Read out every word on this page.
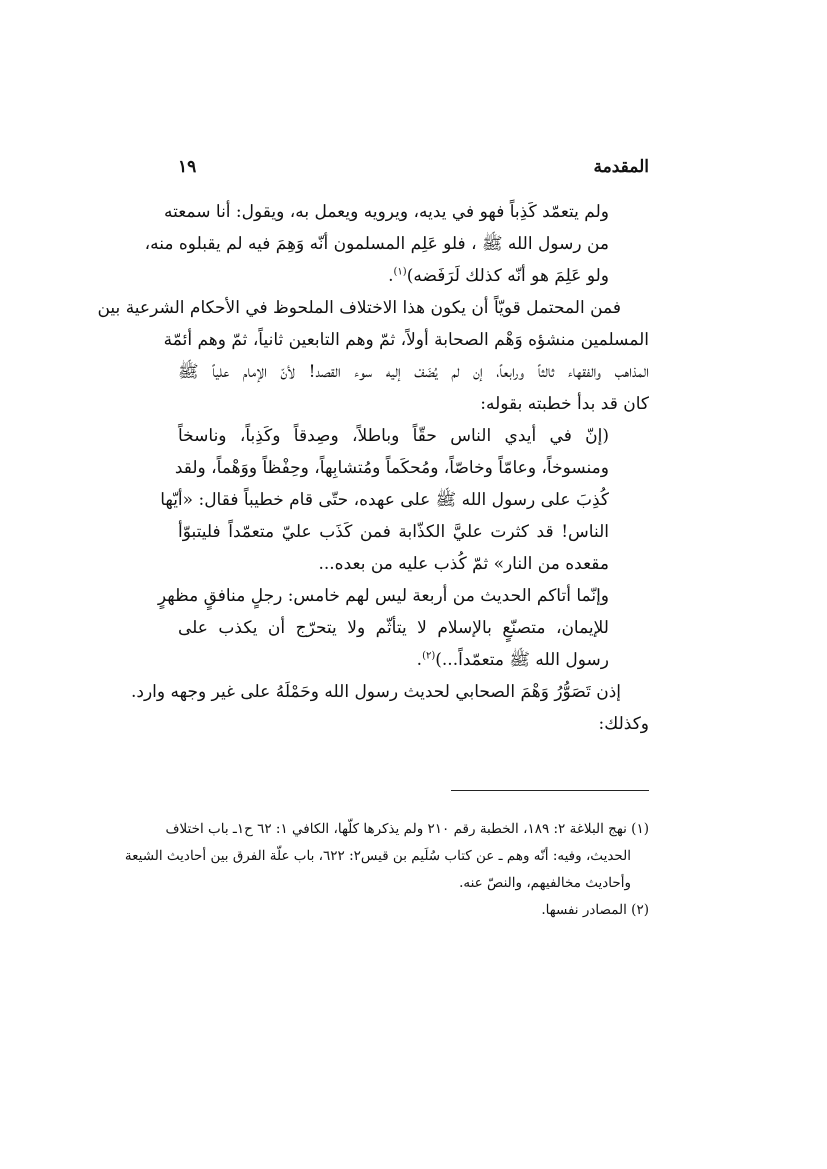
المقدمة
١٩
ولم يتعمّد كَذِباً فهو في يديه، ويرويه ويعمل به، ويقول: أنا سمعته
من رسول الله ﷺ ، فلو عَلِم المسلمون أنّه وَهِمَ فيه لم يقبلوه منه،
ولو عَلِمَ هو أنّه كذلك لَرَفَضه)$^{(١)}$.
فمن المحتمل قويّاً أن يكون هذا الاختلاف الملحوظ في الأحكام الشرعية بين
المسلمين منشؤه وَهْم الصحابة أولاً، ثمّ وهم التابعين ثانياً، ثمّ وهم أئمّة
المذاهب والفقهاء ثالثاً ورابعاً، إن لم يُضَفْ إليه سوء القصد! لأنّ الإمام علياً ﷺ
كان قد بدأ خطبته بقوله:
(إنّ في أيدي الناس حقّاً وباطلاً، وصِدقاً وكَذِباً، وناسخاً
ومنسوخاً، وعامّاً وخاصّاً، ومُحكَماً ومُتشابِهاً، وحِفْظاً ووَهْماً، ولقد
كُذِبَ على رسول الله ﷺ على عهده، حتّى قام خطيباً فقال: «أيّها
الناس! قد كثرت عليَّ الكذّابة فمن كَذَب عليّ متعمّداً فليتبوّأ
مقعده من النار» ثمّ كُذب عليه من بعده...
وإنّما أتاكم الحديث من أربعة ليس لهم خامس: رجلٍ منافقٍ مظهرٍ
للإيمان، متصنّعٍ بالإسلام لا يتأثّم ولا يتحرّج أن يكذب على
رسول الله ﷺ متعمّداً...)$^{(٢)}$.
إذن تَصَوُّرُ وَهْمَ الصحابي لحديث رسول الله وحَمْلَهُ على غير وجهه وارد.
وكذلك:
(١) نهج البلاغة ٢: ١٨٩، الخطبة رقم ٢١٠ ولم يذكرها كلّها، الكافي ١: ٦٢ ح١ـ باب اختلاف
الحديث، وفيه: أنّه وهم ـ عن كتاب سُلَيم بن قيس٢: ٦٢٢، باب علّة الفرق بين أحاديث الشيعة
وأحاديث مخالفيهم، والنصّ عنه.
(٢) المصادر نفسها.
